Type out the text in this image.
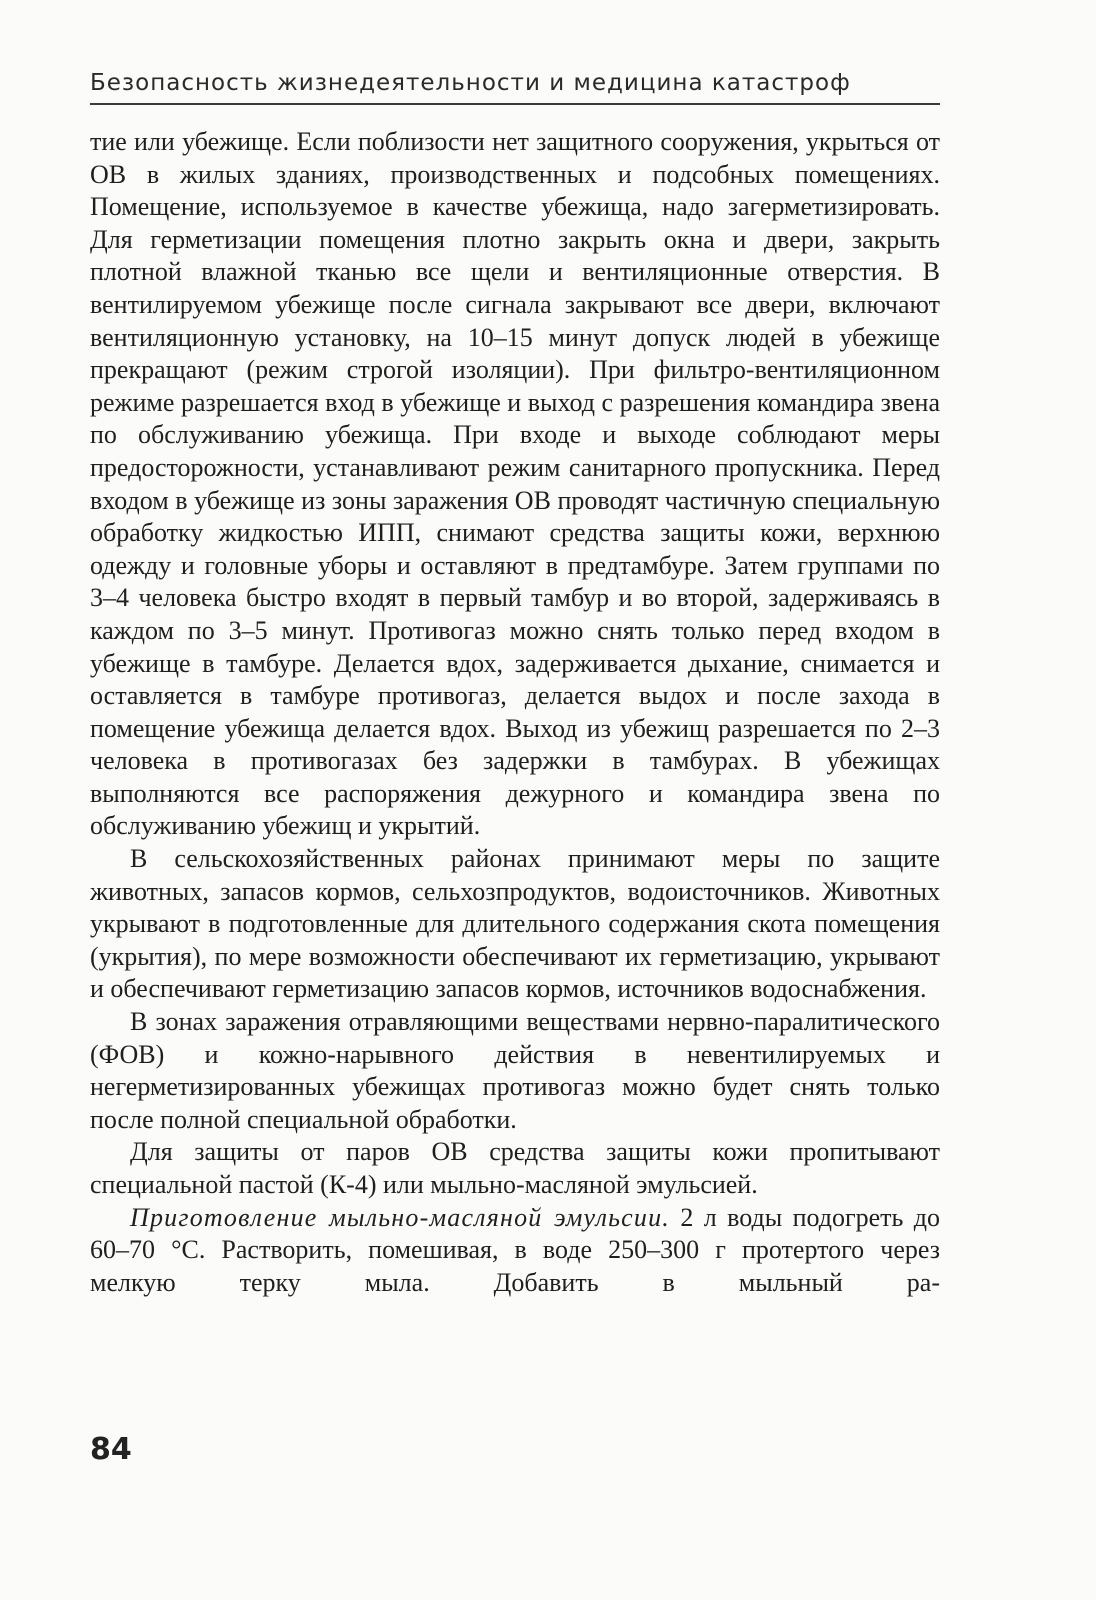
Безопасность жизнедеятельности и медицина катастроф

тие или убежище. Если поблизости нет защитного сооружения, укрыться от ОВ в жилых зданиях, производственных и подсобных помещениях. Помещение, используемое в качестве убежища, надо загерметизировать. Для герметизации помещения плотно закрыть окна и двери, закрыть плотной влажной тканью все щели и вентиляционные отверстия. В вентилируемом убежище после сигнала закрывают все двери, включают вентиляционную установку, на 10–15 минут допуск людей в убежище прекращают (режим строгой изоляции). При фильтро-вентиляционном режиме разрешается вход в убежище и выход с разрешения командира звена по обслуживанию убежища. При входе и выходе соблюдают меры предосторожности, устанавливают режим санитарного пропускника. Перед входом в убежище из зоны заражения ОВ проводят частичную специальную обработку жидкостью ИПП, снимают средства защиты кожи, верхнюю одежду и головные уборы и оставляют в предтамбуре. Затем группами по 3–4 человека быстро входят в первый тамбур и во второй, задерживаясь в каждом по 3–5 минут. Противогаз можно снять только перед входом в убежище в тамбуре. Делается вдох, задерживается дыхание, снимается и оставляется в тамбуре противогаз, делается выдох и после захода в помещение убежища делается вдох. Выход из убежищ разрешается по 2–3 человека в противогазах без задержки в тамбурах. В убежищах выполняются все распоряжения дежурного и командира звена по обслуживанию убежищ и укрытий.

В сельскохозяйственных районах принимают меры по защите животных, запасов кормов, сельхозпродуктов, водоисточников. Животных укрывают в подготовленные для длительного содержания скота помещения (укрытия), по мере возможности обеспечивают их герметизацию, укрывают и обеспечивают герметизацию запасов кормов, источников водоснабжения.

В зонах заражения отравляющими веществами нервно-паралитического (ФОВ) и кожно-нарывного действия в невентилируемых и негерметизированных убежищах противогаз можно будет снять только после полной специальной обработки.

Для защиты от паров ОВ средства защиты кожи пропитывают специальной пастой (К-4) или мыльно-масляной эмульсией.

Приготовление мыльно-масляной эмульсии. 2 л воды подогреть до 60–70 °С. Растворить, помешивая, в воде 250–300 г протертого через мелкую терку мыла. Добавить в мыльный ра-

84
